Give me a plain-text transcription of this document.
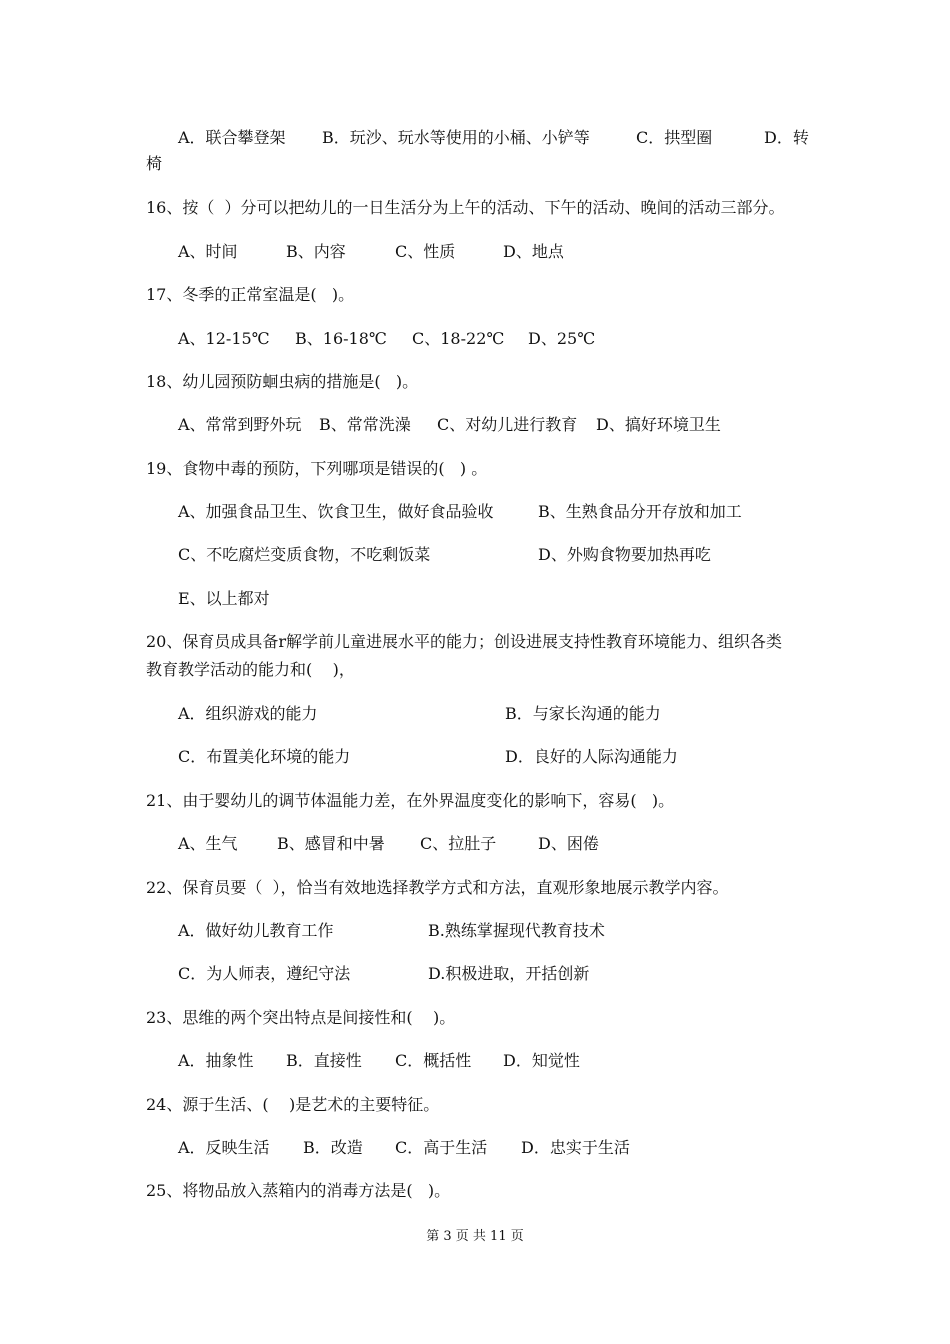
A．联合攀登架 B．玩沙、玩水等使用的小桶、小铲等	C．拱型圈	D．转
椅
16、按（  ）分可以把幼儿的一日生活分为上午的活动、下午的活动、晚间的活动三部分。
A、时间	B、内容	C、性质	D、地点
17、冬季的正常室温是(   )。
A、12-15℃ B、16-18℃ C、18-22℃ D、25℃
18、幼儿园预防蛔虫病的措施是(   )。
A、常常到野外玩 B、常常洗澡 C、对幼儿进行教育 D、搞好环境卫生
19、食物中毒的预防，下列哪项是错误的(   ) 。
A、加强食品卫生、饮食卫生，做好食品验收	B、生熟食品分开存放和加工
C、不吃腐烂变质食物，不吃剩饭菜	D、外购食物要加热再吃
E、以上都对
20、保育员成具备r解学前儿童进展水平的能力；创设进展支持性教育环境能力、组织各类
教育教学活动的能力和(    )，
A．组织游戏的能力	B．与家长沟通的能力
C．布置美化环境的能力	D．良好的人际沟通能力
21、由于婴幼儿的调节体温能力差，在外界温度变化的影响下，容易(   )。
A、生气 B、感冒和中暑 C、拉肚子	D、困倦
22、保育员要（  ），恰当有效地选择教学方式和方法，直观形象地展示教学内容。
A．做好幼儿教育工作	B.熟练掌握现代教育技术
C．为人师表，遵纪守法	D.积极进取，开括创新
23、思维的两个突出特点是间接性和(    )。
A．抽象性 B．直接性 C．概括性 D．知觉性
24、源于生活、(    )是艺术的主要特征。
A．反映生活 B．改造 C．高于生活 D．忠实于生活
25、将物品放入蒸箱内的消毒方法是(   )。
第 3 页 共 11 页
